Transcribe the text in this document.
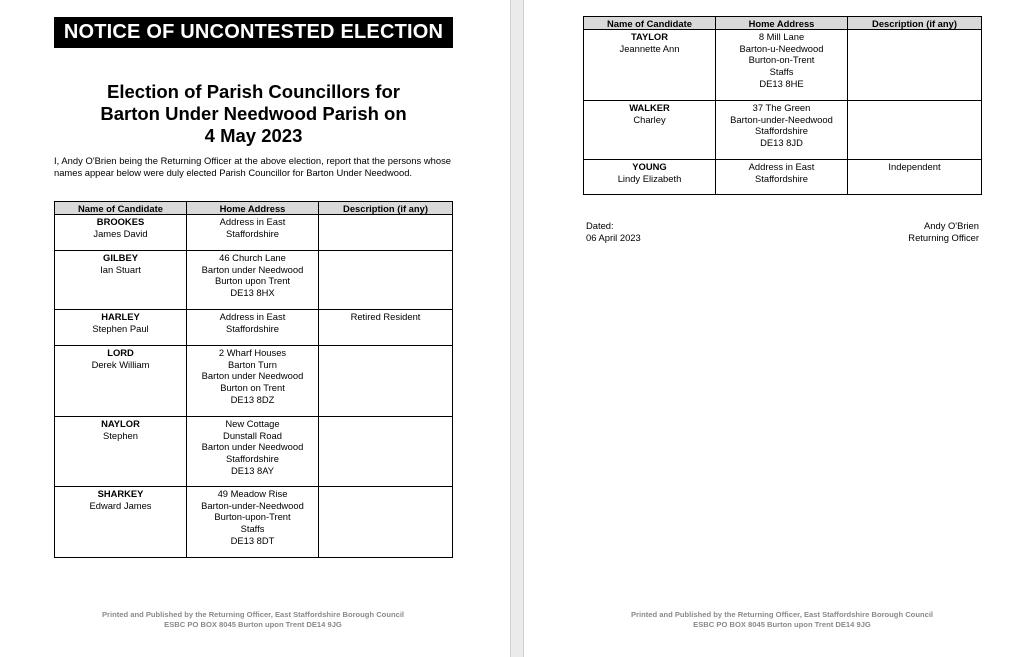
NOTICE OF UNCONTESTED ELECTION
Election of Parish Councillors for
Barton Under Needwood Parish on
4 May 2023
I, Andy O'Brien being the Returning Officer at the above election, report that the persons whose names appear below were duly elected Parish Councillor for Barton Under Needwood.
Name of Candidate	Home Address	Description (if any)

BROOKES
James David	Address in East
Staffordshire	

GILBEY
Ian Stuart	46 Church Lane
Barton under Needwood
Burton upon Trent
DE13 8HX	

HARLEY
Stephen Paul	Address in East
Staffordshire	Retired Resident

LORD
Derek William	2 Wharf Houses
Barton Turn
Barton under Needwood
Burton on Trent
DE13 8DZ	

NAYLOR
Stephen	New Cottage
Dunstall Road
Barton under Needwood
Staffordshire
DE13 8AY	

SHARKEY
Edward James	49 Meadow Rise
Barton-under-Needwood
Burton-upon-Trent
Staffs
DE13 8DT	

Printed and Published by the Returning Officer, East Staffordshire Borough Council
ESBC PO BOX 8045 Burton upon Trent DE14 9JG
Name of Candidate	Home Address	Description (if any)

TAYLOR
Jeannette Ann	8 Mill Lane
Barton-u-Needwood
Burton-on-Trent
Staffs
DE13 8HE	

WALKER
Charley	37 The Green
Barton-under-Needwood
Staffordshire
DE13 8JD	

YOUNG
Lindy Elizabeth	Address in East
Staffordshire	Independent
Dated:
06 April 2023
Andy O'Brien
Returning Officer
Printed and Published by the Returning Officer, East Staffordshire Borough Council
ESBC PO BOX 8045 Burton upon Trent DE14 9JG
